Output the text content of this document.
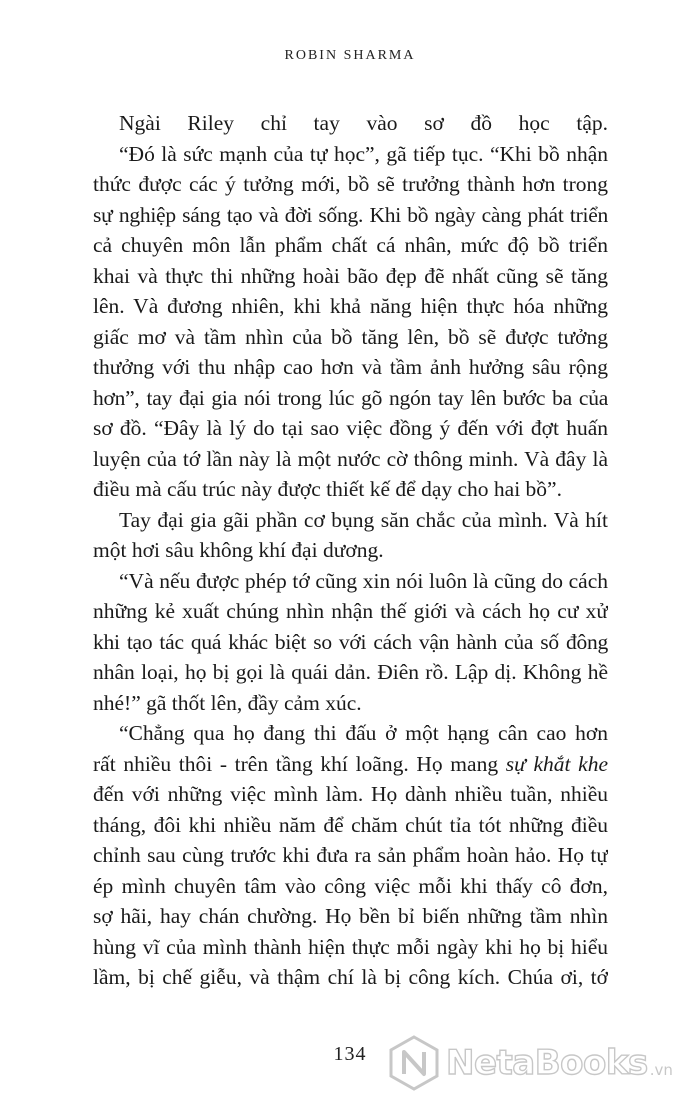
ROBIN SHARMA
Ngài Riley chỉ tay vào sơ đồ học tập.
“Đó là sức mạnh của tự học”, gã tiếp tục. “Khi bồ nhận
thức được các ý tưởng mới, bồ sẽ trưởng thành hơn trong
sự nghiệp sáng tạo và đời sống. Khi bồ ngày càng phát triển
cả chuyên môn lẫn phẩm chất cá nhân, mức độ bồ triển
khai và thực thi những hoài bão đẹp đẽ nhất cũng sẽ tăng
lên. Và đương nhiên, khi khả năng hiện thực hóa những
giấc mơ và tầm nhìn của bồ tăng lên, bồ sẽ được tưởng
thưởng với thu nhập cao hơn và tầm ảnh hưởng sâu rộng
hơn”, tay đại gia nói trong lúc gõ ngón tay lên bước ba của
sơ đồ. “Đây là lý do tại sao việc đồng ý đến với đợt huấn
luyện của tớ lần này là một nước cờ thông minh. Và đây là
điều mà cấu trúc này được thiết kế để dạy cho hai bồ”.
Tay đại gia gãi phần cơ bụng săn chắc của mình. Và hít
một hơi sâu không khí đại dương.
“Và nếu được phép tớ cũng xin nói luôn là cũng do cách
những kẻ xuất chúng nhìn nhận thế giới và cách họ cư xử
khi tạo tác quá khác biệt so với cách vận hành của số đông
nhân loại, họ bị gọi là quái dản. Điên rồ. Lập dị. Không hề
nhé!” gã thốt lên, đầy cảm xúc.
“Chẳng qua họ đang thi đấu ở một hạng cân cao hơn
rất nhiều thôi - trên tầng khí loãng. Họ mang sự khắt khe
đến với những việc mình làm. Họ dành nhiều tuần, nhiều
tháng, đôi khi nhiều năm để chăm chút tỉa tót những điều
chỉnh sau cùng trước khi đưa ra sản phẩm hoàn hảo. Họ tự
ép mình chuyên tâm vào công việc mỗi khi thấy cô đơn,
sợ hãi, hay chán chường. Họ bền bỉ biến những tầm nhìn
hùng vĩ của mình thành hiện thực mỗi ngày khi họ bị hiểu
lầm, bị chế giễu, và thậm chí là bị công kích. Chúa ơi, tớ
134	NetaBooks .vn
